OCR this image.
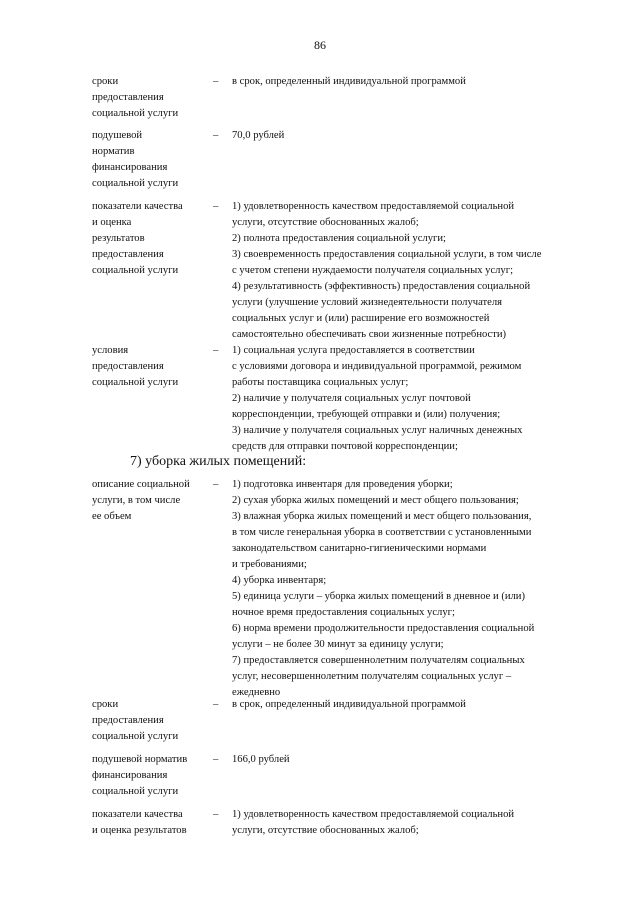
86
сроки
предоставления
социальной услуги
–	в срок, определенный индивидуальной программой
подушевой
норматив
финансирования
социальной услуги
–	70,0 рублей
показатели качества
и оценка
результатов
предоставления
социальной услуги
–	1) удовлетворенность качеством предоставляемой социальной
услуги, отсутствие обоснованных жалоб;
2) полнота предоставления социальной услуги;
3) своевременность предоставления социальной услуги, в том числе
с учетом степени нуждаемости получателя социальных услуг;
4) результативность (эффективность) предоставления социальной
услуги (улучшение условий жизнедеятельности получателя
социальных услуг и (или) расширение его возможностей
самостоятельно обеспечивать свои жизненные потребности)
условия
предоставления
социальной услуги
–	1) социальная услуга предоставляется в соответствии
с условиями договора и индивидуальной программой, режимом
работы поставщика социальных услуг;
2) наличие у получателя социальных услуг почтовой
корреспонденции, требующей отправки и (или) получения;
3) наличие у получателя социальных услуг наличных денежных
средств для отправки почтовой корреспонденции;
7) уборка жилых помещений:
описание социальной
услуги, в том числе
ее объем
–	1) подготовка инвентаря для проведения уборки;
2) сухая уборка жилых помещений и мест общего пользования;
3) влажная уборка жилых помещений и мест общего пользования,
в том числе генеральная уборка в соответствии с установленными
законодательством санитарно-гигиеническими нормами
и требованиями;
4) уборка инвентаря;
5) единица услуги – уборка жилых помещений в дневное и (или)
ночное время предоставления социальных услуг;
6) норма времени продолжительности предоставления социальной
услуги – не более 30 минут за единицу услуги;
7) предоставляется совершеннолетним получателям социальных
услуг, несовершеннолетним получателям социальных услуг –
ежедневно
сроки
предоставления
социальной услуги
–	в срок, определенный индивидуальной программой
подушевой норматив
финансирования
социальной услуги
–	166,0 рублей
показатели качества
и оценка результатов
–	1) удовлетворенность качеством предоставляемой социальной
услуги, отсутствие обоснованных жалоб;
